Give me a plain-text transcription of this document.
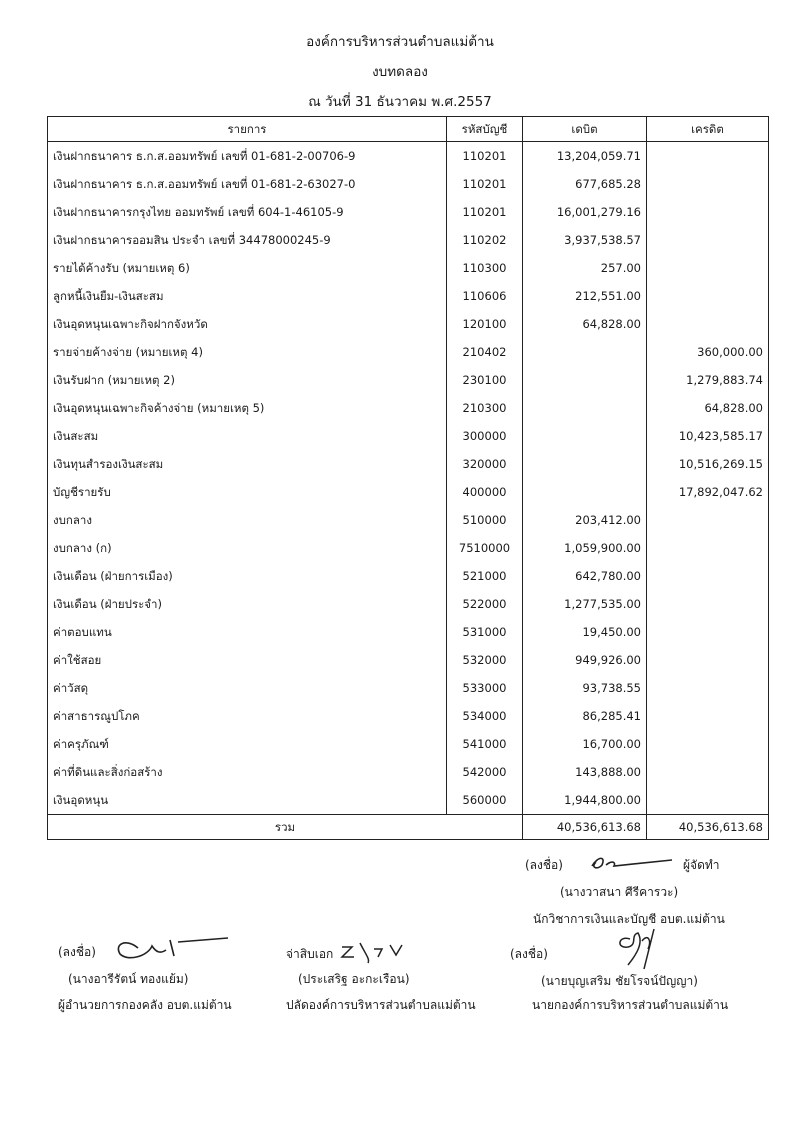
องค์การบริหารส่วนตำบลแม่ต้าน
งบทดลอง
ณ วันที่ 31 ธันวาคม พ.ศ.2557
รายการ	รหัสบัญชี	เดบิต	เครดิต
เงินฝากธนาคาร ธ.ก.ส.ออมทรัพย์ เลขที่ 01-681-2-00706-9	110201	13,204,059.71	
เงินฝากธนาคาร ธ.ก.ส.ออมทรัพย์ เลขที่ 01-681-2-63027-0	110201	677,685.28	
เงินฝากธนาคารกรุงไทย ออมทรัพย์ เลขที่ 604-1-46105-9	110201	16,001,279.16	
เงินฝากธนาคารออมสิน ประจำ เลขที่ 34478000245-9	110202	3,937,538.57	
รายได้ค้างรับ (หมายเหตุ 6)	110300	257.00	
ลูกหนี้เงินยืม-เงินสะสม	110606	212,551.00	
เงินอุดหนุนเฉพาะกิจฝากจังหวัด	120100	64,828.00	
รายจ่ายค้างจ่าย (หมายเหตุ 4)	210402		360,000.00
เงินรับฝาก (หมายเหตุ 2)	230100		1,279,883.74
เงินอุดหนุนเฉพาะกิจค้างจ่าย (หมายเหตุ 5)	210300		64,828.00
เงินสะสม	300000		10,423,585.17
เงินทุนสำรองเงินสะสม	320000		10,516,269.15
บัญชีรายรับ	400000		17,892,047.62
งบกลาง	510000	203,412.00	
งบกลาง (ก)	7510000	1,059,900.00	
เงินเดือน (ฝ่ายการเมือง)	521000	642,780.00	
เงินเดือน (ฝ่ายประจำ)	522000	1,277,535.00	
ค่าตอบแทน	531000	19,450.00	
ค่าใช้สอย	532000	949,926.00	
ค่าวัสดุ	533000	93,738.55	
ค่าสาธารณูปโภค	534000	86,285.41	
ค่าครุภัณฑ์	541000	16,700.00	
ค่าที่ดินและสิ่งก่อสร้าง	542000	143,888.00	
เงินอุดหนุน	560000	1,944,800.00	
รวม		40,536,613.68	40,536,613.68
(ลงชื่อ)	ผู้จัดทำ
(นางวาสนา ศีรีคารวะ)
นักวิชาการเงินและบัญชี อบต.แม่ต้าน
(ลงชื่อ)
(นางอารีรัตน์ ทองแย้ม)
ผู้อำนวยการกองคลัง อบต.แม่ต้าน
จ่าสิบเอก
(ประเสริฐ อะกะเรือน)
ปลัดองค์การบริหารส่วนตำบลแม่ต้าน
(ลงชื่อ)
(นายบุญเสริม ชัยโรจน์ปัญญา)
นายกองค์การบริหารส่วนตำบลแม่ต้าน
